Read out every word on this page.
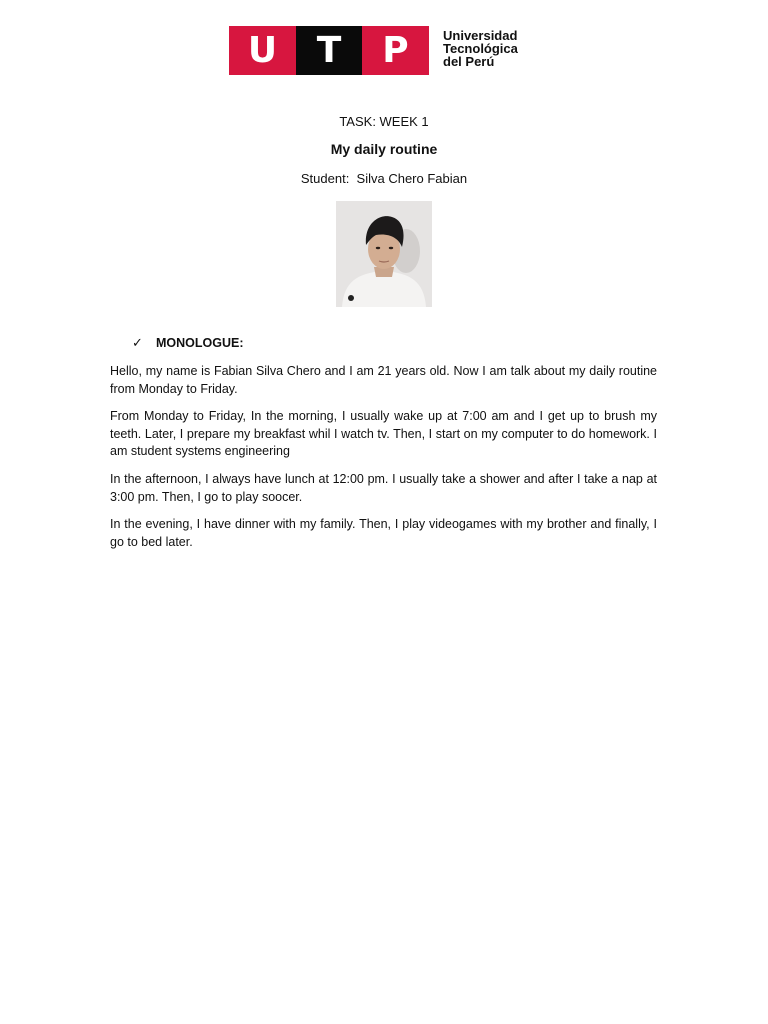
U	T	P	Universidad
Tecnológica
del Perú
TASK: WEEK 1
My daily routine
Student:  Silva Chero Fabian
✓	MONOLOGUE:
Hello, my name is Fabian Silva Chero and I am 21 years old. Now I am talk about my daily routine from Monday to Friday.
From Monday to Friday, In the morning, I usually wake up at 7:00 am and I get up to brush my teeth. Later, I prepare my breakfast whil I watch tv. Then, I start on my computer to do homework. I am student systems engineering
In the afternoon, I always have lunch at 12:00 pm. I usually take a shower and after I take a nap at 3:00 pm. Then, I go to play soocer.
In the evening, I have dinner with my family. Then, I play videogames with my brother and finally, I go to bed later.
